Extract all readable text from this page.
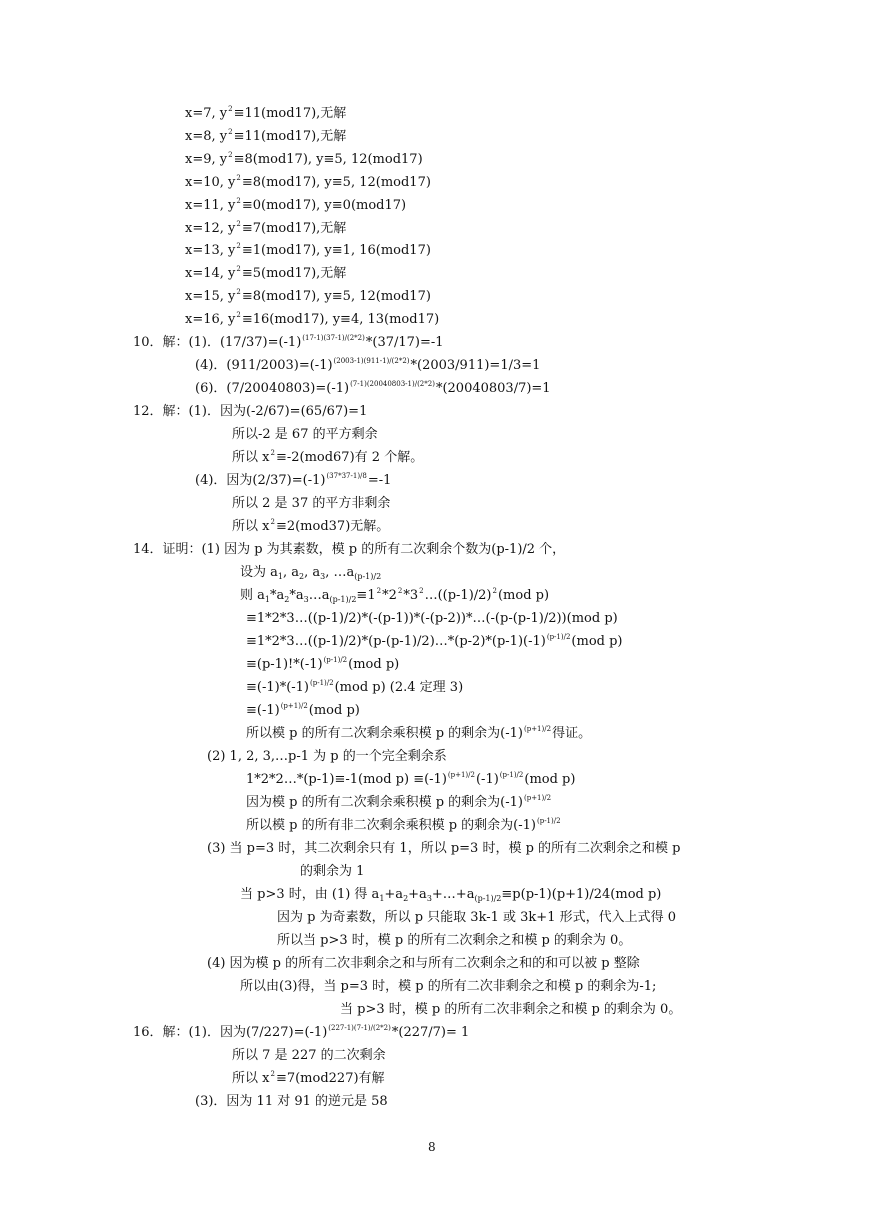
x=7, $y^2\equiv 11(mod17)$,无解
x=8, $y^2\equiv 11(mod17)$,无解
x=9, $y^2\equiv 8(mod17)$, y≡5, 12(mod17)
x=10, $y^2\equiv 8(mod17)$, y≡5, 12(mod17)
x=11, $y^2\equiv 0(mod17)$, y≡0(mod17)
x=12, $y^2\equiv 7(mod17)$,无解
x=13, $y^2\equiv 1(mod17)$, y≡1, 16(mod17)
x=14, $y^2\equiv 5(mod17)$,无解
x=15, $y^2\equiv 8(mod17)$, y≡5, 12(mod17)
x=16, $y^2\equiv 16(mod17)$, y≡4, 13(mod17)
10．解：(1)．$(17/37)=(-1)^{(17-1)(37-1)/(2*2)}*(37/17)=-1$
(4)．$(911/2003)=(-1)^{(2003-1)(911-1)/(2*2)}*(2003/911)=1/3=1$
(6)．$(7/20040803)=(-1)^{(7-1)(20040803-1)/(2*2)}*(20040803/7)=1$
12．解：(1)．因为(-2/67)=(65/67)=1
所以-2 是 67 的平方剩余
所以 $x^2\equiv-2(mod67)$有 2 个解。
(4)．因为$(2/37)=(-1)^{(37*37-1)/8}=-1$
所以 2 是 37 的平方非剩余
所以 $x^2\equiv 2(mod37)$无解。
14．证明：(1) 因为 p 为其素数，模 p 的所有二次剩余个数为(p-1)/2 个，
设为 $a_1$, $a_2$, $a_3$, $\dots a_{(p-1)/2}$
则 $a_1*a_2*a_3\dots a_{(p-1)/2}\equiv 1^2*2^2*3^2\dots((p-1)/2)^2(mod$ p)
≡1*2*3…((p-1)/2)*(-(p-1))*(-(p-2))*…(-(p-(p-1)/2))(mod p)
$\equiv 1*2*3\dots((p-1)/2)*(p-(p-1)/2)\dots*(p-2)*(p-1)(-1)^{(p-1)/2}(mod$ p)
$\equiv(p-1)!*(-1)^{(p-1)/2}(mod$ p)
$\equiv(-1)*(-1)^{(p-1)/2}(mod$ p) (2.4 定理 3)
$\equiv(-1)^{(p+1)/2}(mod$ p)
所以模 p 的所有二次剩余乘积模 p 的剩余为$(-1)^{(p+1)/2}$得证。
(2) 1, 2, 3,…p-1 为 p 的一个完全剩余系
1*2*2…*(p-1)≡-1(mod $p) \equiv(-1)^{(p+1)/2}(-1)^{(p-1)/2}(mod$ p)
因为模 p 的所有二次剩余乘积模 p 的剩余为$(-1)^{(p+1)/2}$
所以模 p 的所有非二次剩余乘积模 p 的剩余为$(-1)^{(p-1)/2}$
(3) 当 p=3 时，其二次剩余只有 1，所以 p=3 时，模 p 的所有二次剩余之和模 p
的剩余为 1
当 p>3 时，由 (1) 得 $a_1+a_2+a_3+\dots+a_{(p-1)/2}\equiv p(p-1)(p+1)/24(mod$ p)
因为 p 为奇素数，所以 p 只能取 3k-1 或 3k+1 形式，代入上式得 0
所以当 p>3 时，模 p 的所有二次剩余之和模 p 的剩余为 0。
(4) 因为模 p 的所有二次非剩余之和与所有二次剩余之和的和可以被 p 整除
所以由(3)得，当 p=3 时，模 p 的所有二次非剩余之和模 p 的剩余为-1;
当 p>3 时，模 p 的所有二次非剩余之和模 p 的剩余为 0。
16．解：(1)．因为$(7/227)=(-1)^{(227-1)(7-1)/(2*2)}*(227/7)= 1$
所以 7 是 227 的二次剩余
所以 $x^2\equiv 7(mod227)$有解
(3)．因为 11 对 91 的逆元是 58
8
